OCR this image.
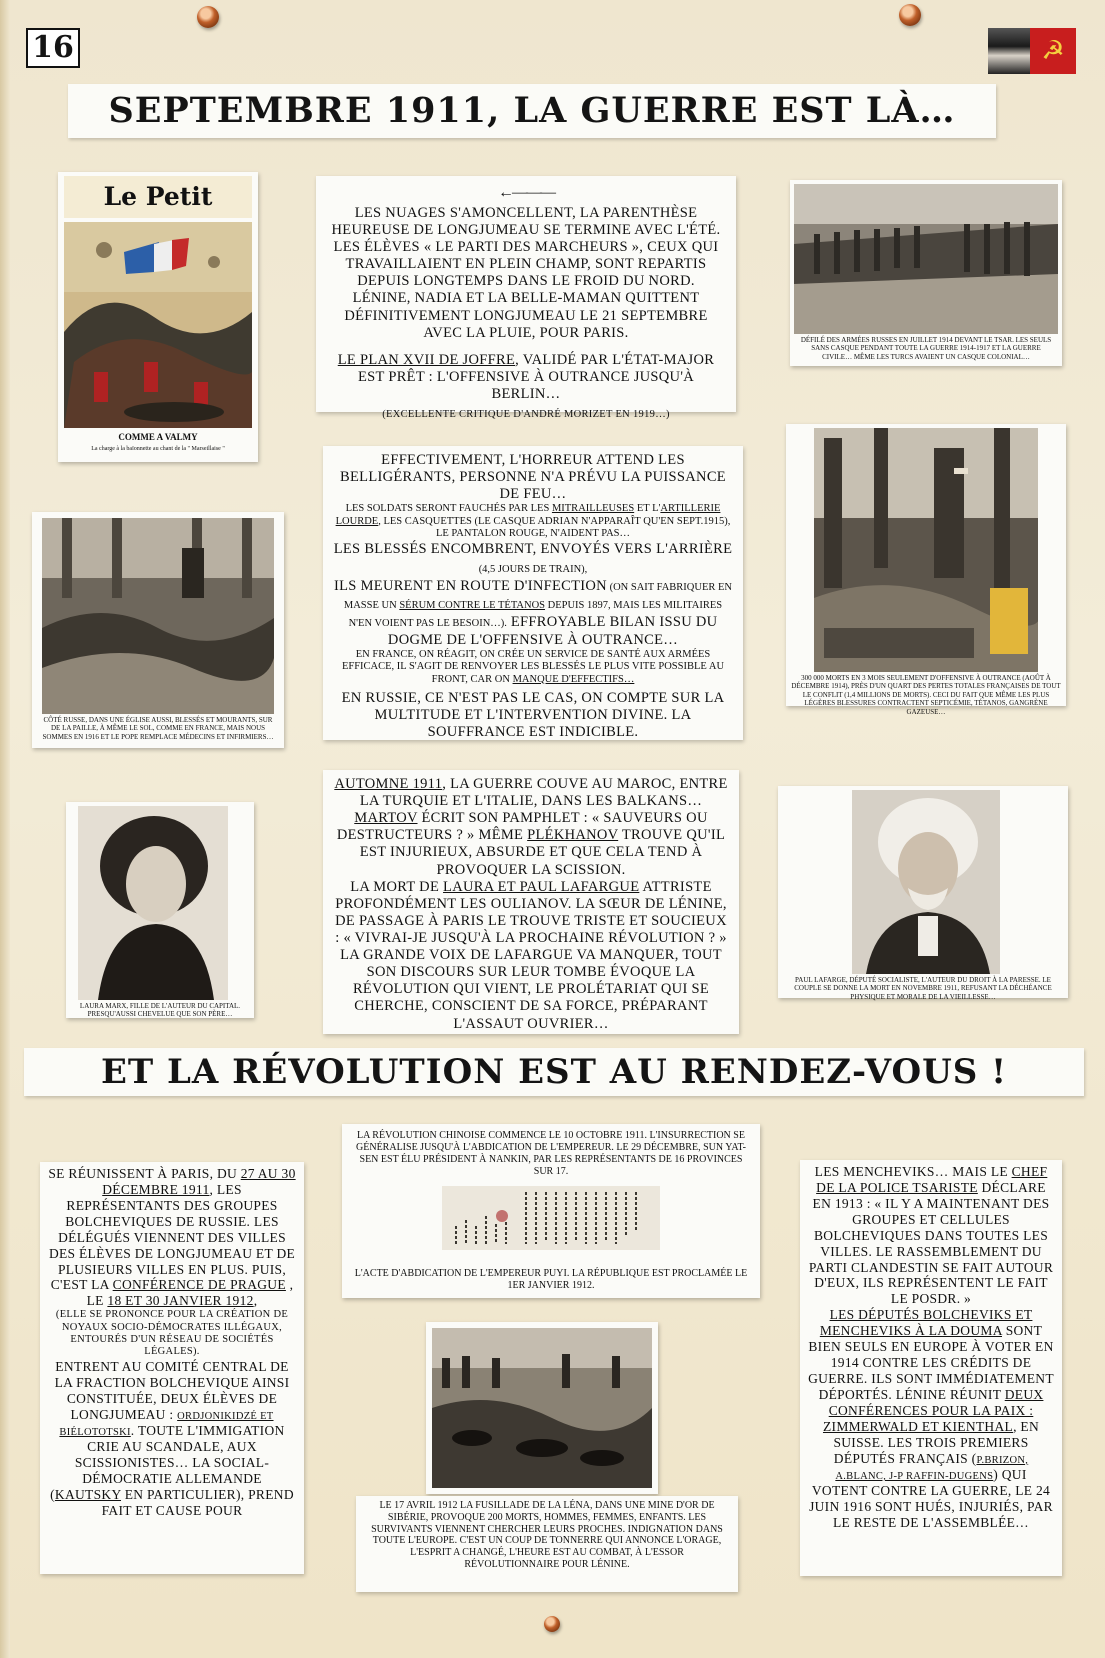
16	☭
SEPTEMBRE 1911, LA GUERRE EST LÀ…
Le Petit
COMME A VALMY
La charge à la baïonnette au chant de la " Marseillaise "

←———

LES NUAGES S'AMONCELLENT, LA PARENTHÈSE HEUREUSE DE LONGJUMEAU SE TERMINE AVEC L'ÉTÉ. LES ÉLÈVES « LE PARTI DES MARCHEURS », CEUX QUI TRAVAILLAIENT EN PLEIN CHAMP, SONT REPARTIS DEPUIS LONGTEMPS DANS LE FROID DU NORD. LÉNINE, NADIA ET LA BELLE-MAMAN QUITTENT DÉFINITIVEMENT LONGJUMEAU LE 21 SEPTEMBRE AVEC LA PLUIE, POUR PARIS.

LE PLAN XVII DE JOFFRE, VALIDÉ PAR L'ÉTAT-MAJOR EST PRÊT : L'OFFENSIVE À OUTRANCE JUSQU'À BERLIN…

(EXCELLENTE CRITIQUE D'ANDRÉ MORIZET EN 1919…)

DÉFILÉ DES ARMÉES RUSSES EN JUILLET 1914 DEVANT LE TSAR. LES SEULS SANS CASQUE PENDANT TOUTE LA GUERRE 1914-1917 ET LA GUERRE CIVILE… MÊME LES TURCS AVAIENT UN CASQUE COLONIAL…

EFFECTIVEMENT, L'HORREUR ATTEND LES BELLIGÉRANTS, PERSONNE N'A PRÉVU LA PUISSANCE DE FEU…

LES SOLDATS SERONT FAUCHÉS PAR LES MITRAILLEUSES ET L'ARTILLERIE LOURDE, LES CASQUETTES (LE CASQUE ADRIAN N'APPARAÎT QU'EN SEPT.1915), LE PANTALON ROUGE, N'AIDENT PAS…

LES BLESSÉS ENCOMBRENT, ENVOYÉS VERS L'ARRIÈRE (4,5 JOURS DE TRAIN),

ILS MEURENT EN ROUTE D'INFECTION (ON SAIT FABRIQUER EN MASSE UN SÉRUM CONTRE LE TÉTANOS DEPUIS 1897, MAIS LES MILITAIRES N'EN VOIENT PAS LE BESOIN…). EFFROYABLE BILAN ISSU DU DOGME DE L'OFFENSIVE À OUTRANCE…

EN FRANCE, ON RÉAGIT, ON CRÉE UN SERVICE DE SANTÉ AUX ARMÉES EFFICACE, IL S'AGIT DE RENVOYER LES BLESSÉS LE PLUS VITE POSSIBLE AU FRONT, CAR ON MANQUE D'EFFECTIFS…

EN RUSSIE, CE N'EST PAS LE CAS, ON COMPTE SUR LA MULTITUDE ET L'INTERVENTION DIVINE. LA SOUFFRANCE EST INDICIBLE.

CÔTÉ RUSSE, DANS UNE ÉGLISE AUSSI, BLESSÉS ET MOURANTS, SUR DE LA PAILLE, À MÊME LE SOL, COMME EN FRANCE, MAIS NOUS SOMMES EN 1916 ET LE POPE REMPLACE MÉDECINS ET INFIRMIERS…
300 000 MORTS EN 3 MOIS SEULEMENT D'OFFENSIVE À OUTRANCE (AOÛT À DÉCEMBRE 1914), PRÈS D'UN QUART DES PERTES TOTALES FRANÇAISES DE TOUT LE CONFLIT (1,4 MILLIONS DE MORTS). CECI DU FAIT QUE MÊME LES PLUS LÉGÈRES BLESSURES CONTRACTENT SEPTICÉMIE, TÉTANOS, GANGRÈNE GAZEUSE…

AUTOMNE 1911, LA GUERRE COUVE AU MAROC, ENTRE LA TURQUIE ET L'ITALIE, DANS LES BALKANS… MARTOV ÉCRIT SON PAMPHLET : « SAUVEURS OU DESTRUCTEURS ? » MÊME PLÉKHANOV TROUVE QU'IL EST INJURIEUX, ABSURDE ET QUE CELA TEND À PROVOQUER LA SCISSION.

LA MORT DE LAURA ET PAUL LAFARGUE ATTRISTE PROFONDÉMENT LES OULIANOV. LA SŒUR DE LÉNINE, DE PASSAGE À PARIS LE TROUVE TRISTE ET SOUCIEUX : « VIVRAI-JE JUSQU'À LA PROCHAINE RÉVOLUTION ? » LA GRANDE VOIX DE LAFARGUE VA MANQUER, TOUT SON DISCOURS SUR LEUR TOMBE ÉVOQUE LA RÉVOLUTION QUI VIENT, LE PROLÉTARIAT QUI SE CHERCHE, CONSCIENT DE SA FORCE, PRÉPARANT L'ASSAUT OUVRIER…

LAURA MARX, FILLE DE L'AUTEUR DU CAPITAL. PRESQU'AUSSI CHEVELUE QUE SON PÈRE…
PAUL LAFARGE, DÉPUTÉ SOCIALISTE, L'AUTEUR DU DROIT À LA PARESSE. LE COUPLE SE DONNE LA MORT EN NOVEMBRE 1911, REFUSANT LA DÉCHÉANCE PHYSIQUE ET MORALE DE LA VIEILLESSE…
ET LA RÉVOLUTION EST AU RENDEZ-VOUS !

SE RÉUNISSENT À PARIS, DU 27 AU 30 DÉCEMBRE 1911, LES REPRÉSENTANTS DES GROUPES BOLCHEVIQUES DE RUSSIE. LES DÉLÉGUÉS VIENNENT DES VILLES DES ÉLÈVES DE LONGJUMEAU ET DE PLUSIEURS VILLES EN PLUS. PUIS, C'EST LA CONFÉRENCE DE PRAGUE , LE 18 ET 30 JANVIER 1912,

(ELLE SE PRONONCE POUR LA CRÉATION DE NOYAUX SOCIO-DÉMOCRATES ILLÉGAUX, ENTOURÉS D'UN RÉSEAU DE SOCIÉTÉS LÉGALES).

ENTRENT AU COMITÉ CENTRAL DE LA FRACTION BOLCHEVIQUE AINSI CONSTITUÉE, DEUX ÉLÈVES DE LONGJUMEAU : ORDJONIKIDZÉ ET BIÉLOTOTSKI. TOUTE L'IMMIGATION CRIE AU SCANDALE, AUX SCISSIONISTES… LA SOCIAL-DÉMOCRATIE ALLEMANDE (KAUTSKY EN PARTICULIER), PREND FAIT ET CAUSE POUR

LA RÉVOLUTION CHINOISE COMMENCE LE 10 OCTOBRE 1911. L'INSURRECTION SE GÉNÉRALISE JUSQU'À L'ABDICATION DE L'EMPEREUR. LE 29 DÉCEMBRE, SUN YAT-SEN EST ÉLU PRÉSIDENT À NANKIN, PAR LES REPRÉSENTANTS DE 16 PROVINCES SUR 17.
L'ACTE D'ABDICATION DE L'EMPEREUR PUYI. LA RÉPUBLIQUE EST PROCLAMÉE LE 1ER JANVIER 1912.

LE 17 AVRIL 1912 LA FUSILLADE DE LA LÉNA, DANS UNE MINE D'OR DE SIBÉRIE, PROVOQUE 200 MORTS, HOMMES, FEMMES, ENFANTS. LES SURVIVANTS VIENNENT CHERCHER LEURS PROCHES. INDIGNATION DANS TOUTE L'EUROPE. C'EST UN COUP DE TONNERRE QUI ANNONCE L'ORAGE, L'ESPRIT A CHANGÉ, L'HEURE EST AU COMBAT, À L'ESSOR RÉVOLUTIONNAIRE POUR LÉNINE.

LES MENCHEVIKS… MAIS LE CHEF DE LA POLICE TSARISTE DÉCLARE EN 1913 : « IL Y A MAINTENANT DES GROUPES ET CELLULES BOLCHEVIQUES DANS TOUTES LES VILLES. LE RASSEMBLEMENT DU PARTI CLANDESTIN SE FAIT AUTOUR D'EUX, ILS REPRÉSENTENT LE FAIT LE POSDR. »

LES DÉPUTÉS BOLCHEVIKS ET MENCHEVIKS À LA DOUMA SONT BIEN SEULS EN EUROPE À VOTER EN 1914 CONTRE LES CRÉDITS DE GUERRE. ILS SONT IMMÉDIATEMENT DÉPORTÉS. LÉNINE RÉUNIT DEUX CONFÉRENCES POUR LA PAIX : ZIMMERWALD ET KIENTHAL, EN SUISSE. LES TROIS PREMIERS DÉPUTÉS FRANÇAIS (P.BRIZON, A.BLANC, J-P RAFFIN-DUGENS) QUI VOTENT CONTRE LA GUERRE, LE 24 JUIN 1916 SONT HUÉS, INJURIÉS, PAR LE RESTE DE L'ASSEMBLÉE…
